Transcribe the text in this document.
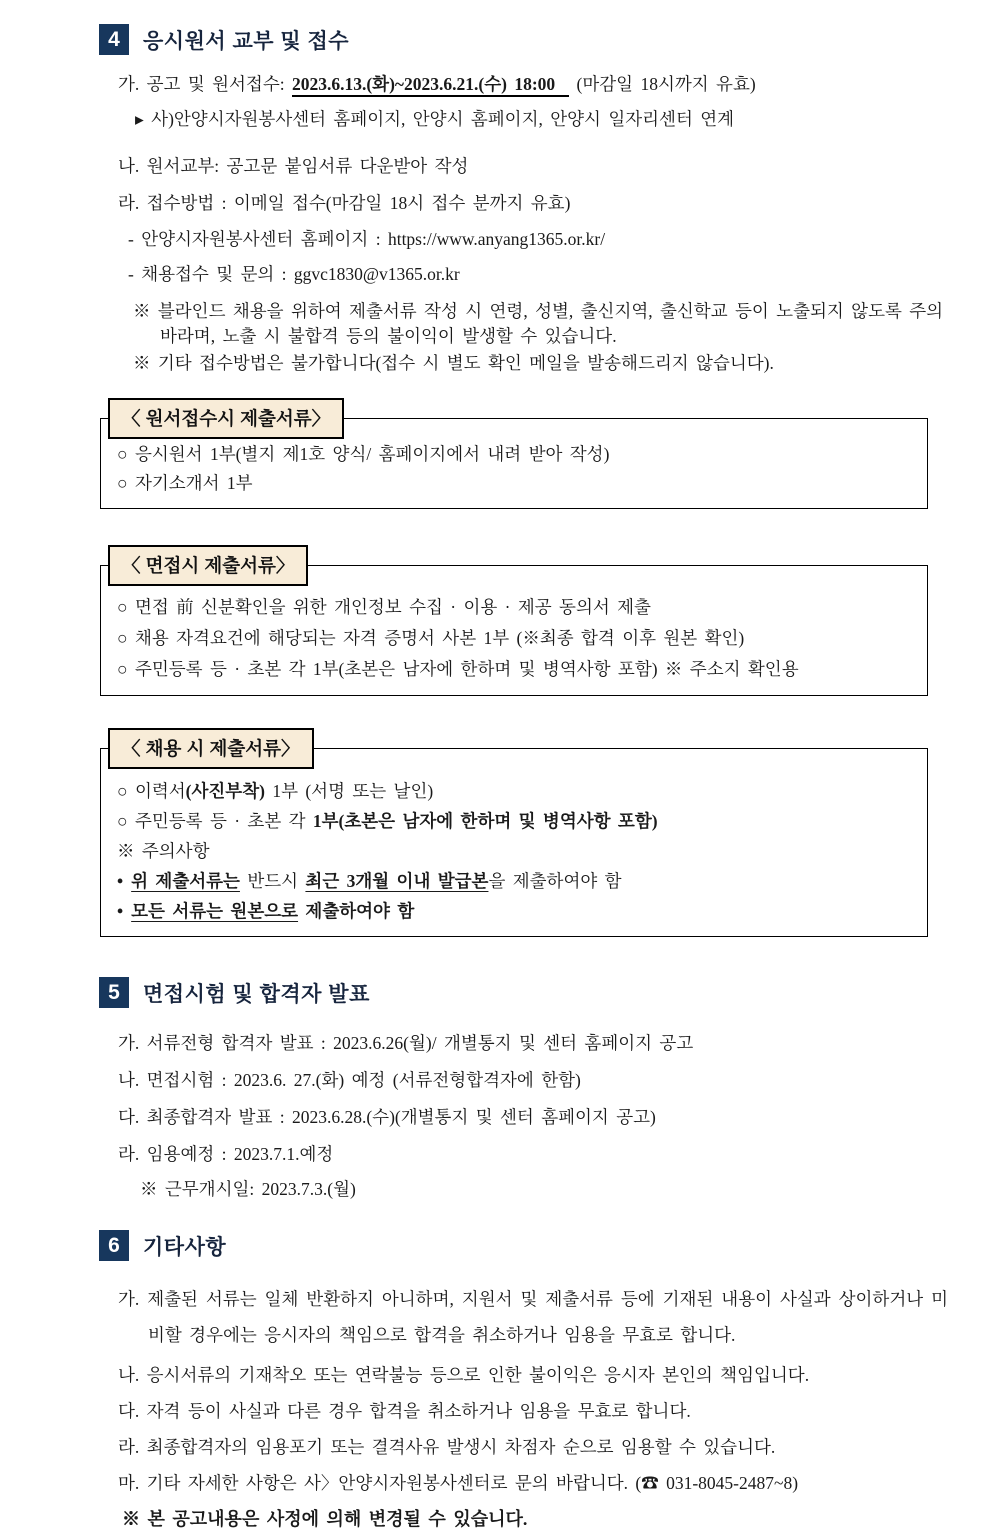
4	응시원서 교부 및 접수
가. 공고 및 원서접수: 2023.6.13.(화)~2023.6.21.(수) 18:00 (마감일 18시까지 유효)
▸ 사)안양시자원봉사센터 홈페이지, 안양시 홈페이지, 안양시 일자리센터 연계
나. 원서교부: 공고문 붙임서류 다운받아 작성
라. 접수방법 : 이메일 접수(마감일 18시 접수 분까지 유효)
- 안양시자원봉사센터 홈페이지 : https://www.anyang1365.or.kr/
- 채용접수 및 문의 : ggvc1830@v1365.or.kr
※ 블라인드 채용을 위하여 제출서류 작성 시 연령, 성별, 출신지역, 출신학교 등이 노출되지 않도록 주의바라며, 노출 시 불합격 등의 불이익이 발생할 수 있습니다.
※ 기타 접수방법은 불가합니다(접수 시 별도 확인 메일을 발송해드리지 않습니다).
〈 원서접수시 제출서류〉
○ 응시원서 1부(별지 제1호 양식/ 홈페이지에서 내려 받아 작성)
○ 자기소개서 1부
〈 면접시 제출서류〉
○ 면접 前 신분확인을 위한 개인정보 수집 · 이용 · 제공 동의서 제출
○ 채용 자격요건에 해당되는 자격 증명서 사본 1부 (※최종 합격 이후 원본 확인)
○ 주민등록 등 · 초본 각 1부(초본은 남자에 한하며 및 병역사항 포함) ※ 주소지 확인용
〈 채용 시 제출서류〉
○ 이력서(사진부착) 1부 (서명 또는 날인)
○ 주민등록 등 · 초본 각 1부(초본은 남자에 한하며 및 병역사항 포함)
※ 주의사항
• 위 제출서류는 반드시 최근 3개월 이내 발급본을 제출하여야 함
• 모든 서류는 원본으로 제출하여야 함
5	면접시험 및 합격자 발표
가. 서류전형 합격자 발표 : 2023.6.26(월)/ 개별통지 및 센터 홈페이지 공고
나. 면접시험 : 2023.6. 27.(화) 예정 (서류전형합격자에 한함)
다. 최종합격자 발표 : 2023.6.28.(수)(개별통지 및 센터 홈페이지 공고)
라. 임용예정 : 2023.7.1.예정
※ 근무개시일: 2023.7.3.(월)
6	기타사항
가. 제출된 서류는 일체 반환하지 아니하며, 지원서 및 제출서류 등에 기재된 내용이 사실과 상이하거나 미비할 경우에는 응시자의 책임으로 합격을 취소하거나 임용을 무효로 합니다.
나. 응시서류의 기재착오 또는 연락불능 등으로 인한 불이익은 응시자 본인의 책임입니다.
다. 자격 등이 사실과 다른 경우 합격을 취소하거나 임용을 무효로 합니다.
라. 최종합격자의 임용포기 또는 결격사유 발생시 차점자 순으로 임용할 수 있습니다.
마. 기타 자세한 사항은 사〉안양시자원봉사센터로 문의 바랍니다. (☎ 031-8045-2487~8)
※ 본 공고내용은 사정에 의해 변경될 수 있습니다.
